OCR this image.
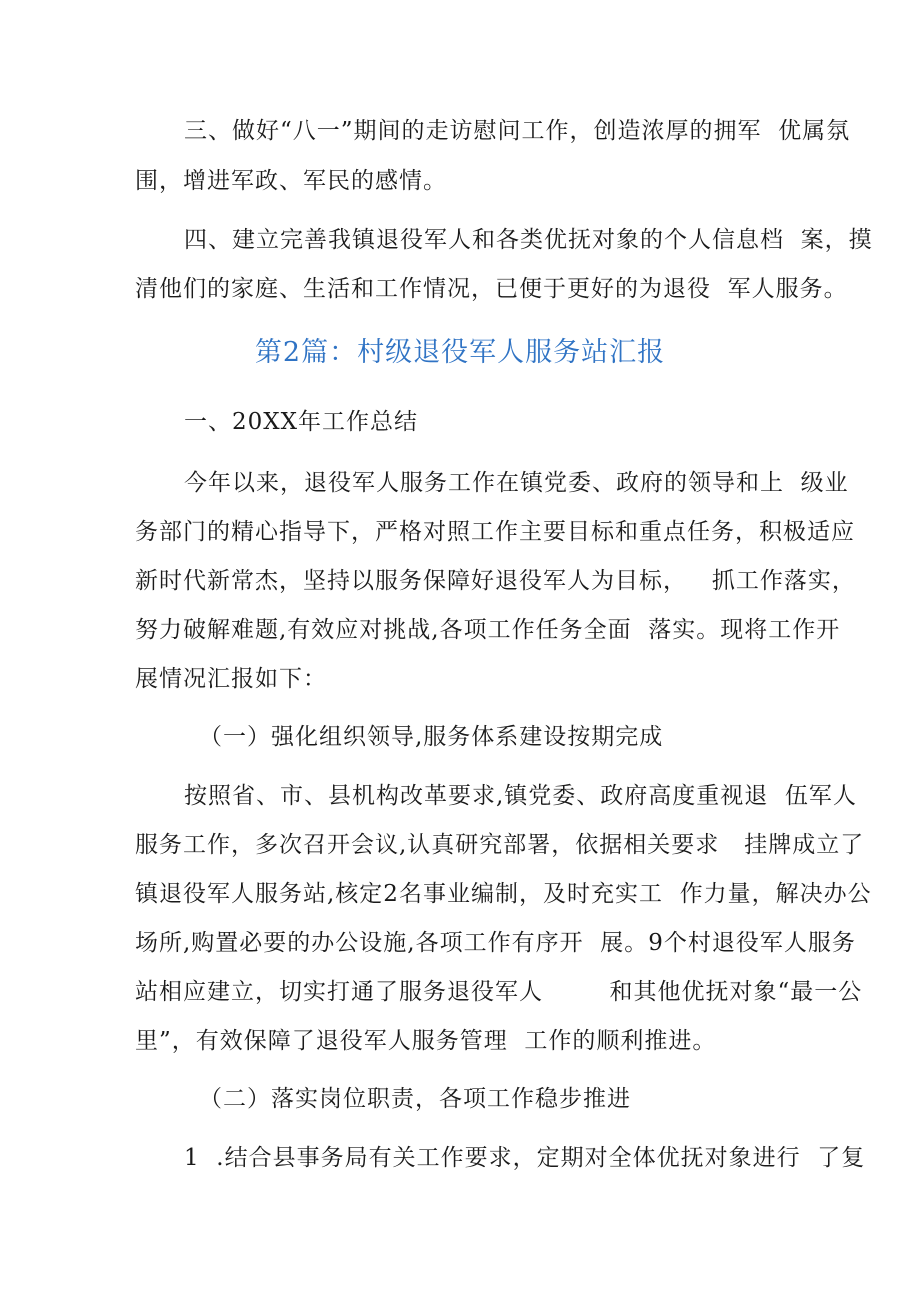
三、做好“八一”期间的走访慰问工作，创造浓厚的拥军  优属氛
围，增进军政、军民的感情。
四、建立完善我镇退役军人和各类优抚对象的个人信息档  案，摸
清他们的家庭、生活和工作情况，已便于更好的为退役  军人服务。
第2篇：村级退役军人服务站汇报
一、20XX年工作总结
今年以来，退役军人服务工作在镇党委、政府的领导和上  级业
务部门的精心指导下，严格对照工作主要目标和重点任务，积极适应
新时代新常杰，坚持以服务保障好退役军人为目标，   抓工作落实，
努力破解难题,有效应对挑战,各项工作任务全面  落实。现将工作开
展情况汇报如下：
（一）强化组织领导,服务体系建设按期完成
按照省、市、县机构改革要求,镇党委、政府高度重视退  伍军人
服务工作，多次召开会议,认真研究部署，依据相关要求   挂牌成立了
镇退役军人服务站,核定2名事业编制，及时充实工  作力量，解决办公
场所,购置必要的办公设施,各项工作有序开  展。9个村退役军人服务
站相应建立，切实打通了服务退役军人        和其他优抚对象“最一公
里”，有效保障了退役军人服务管理  工作的顺利推进。
（二）落实岗位职责，各项工作稳步推进
1  .结合县事务局有关工作要求，定期对全体优抚对象进行  了复
